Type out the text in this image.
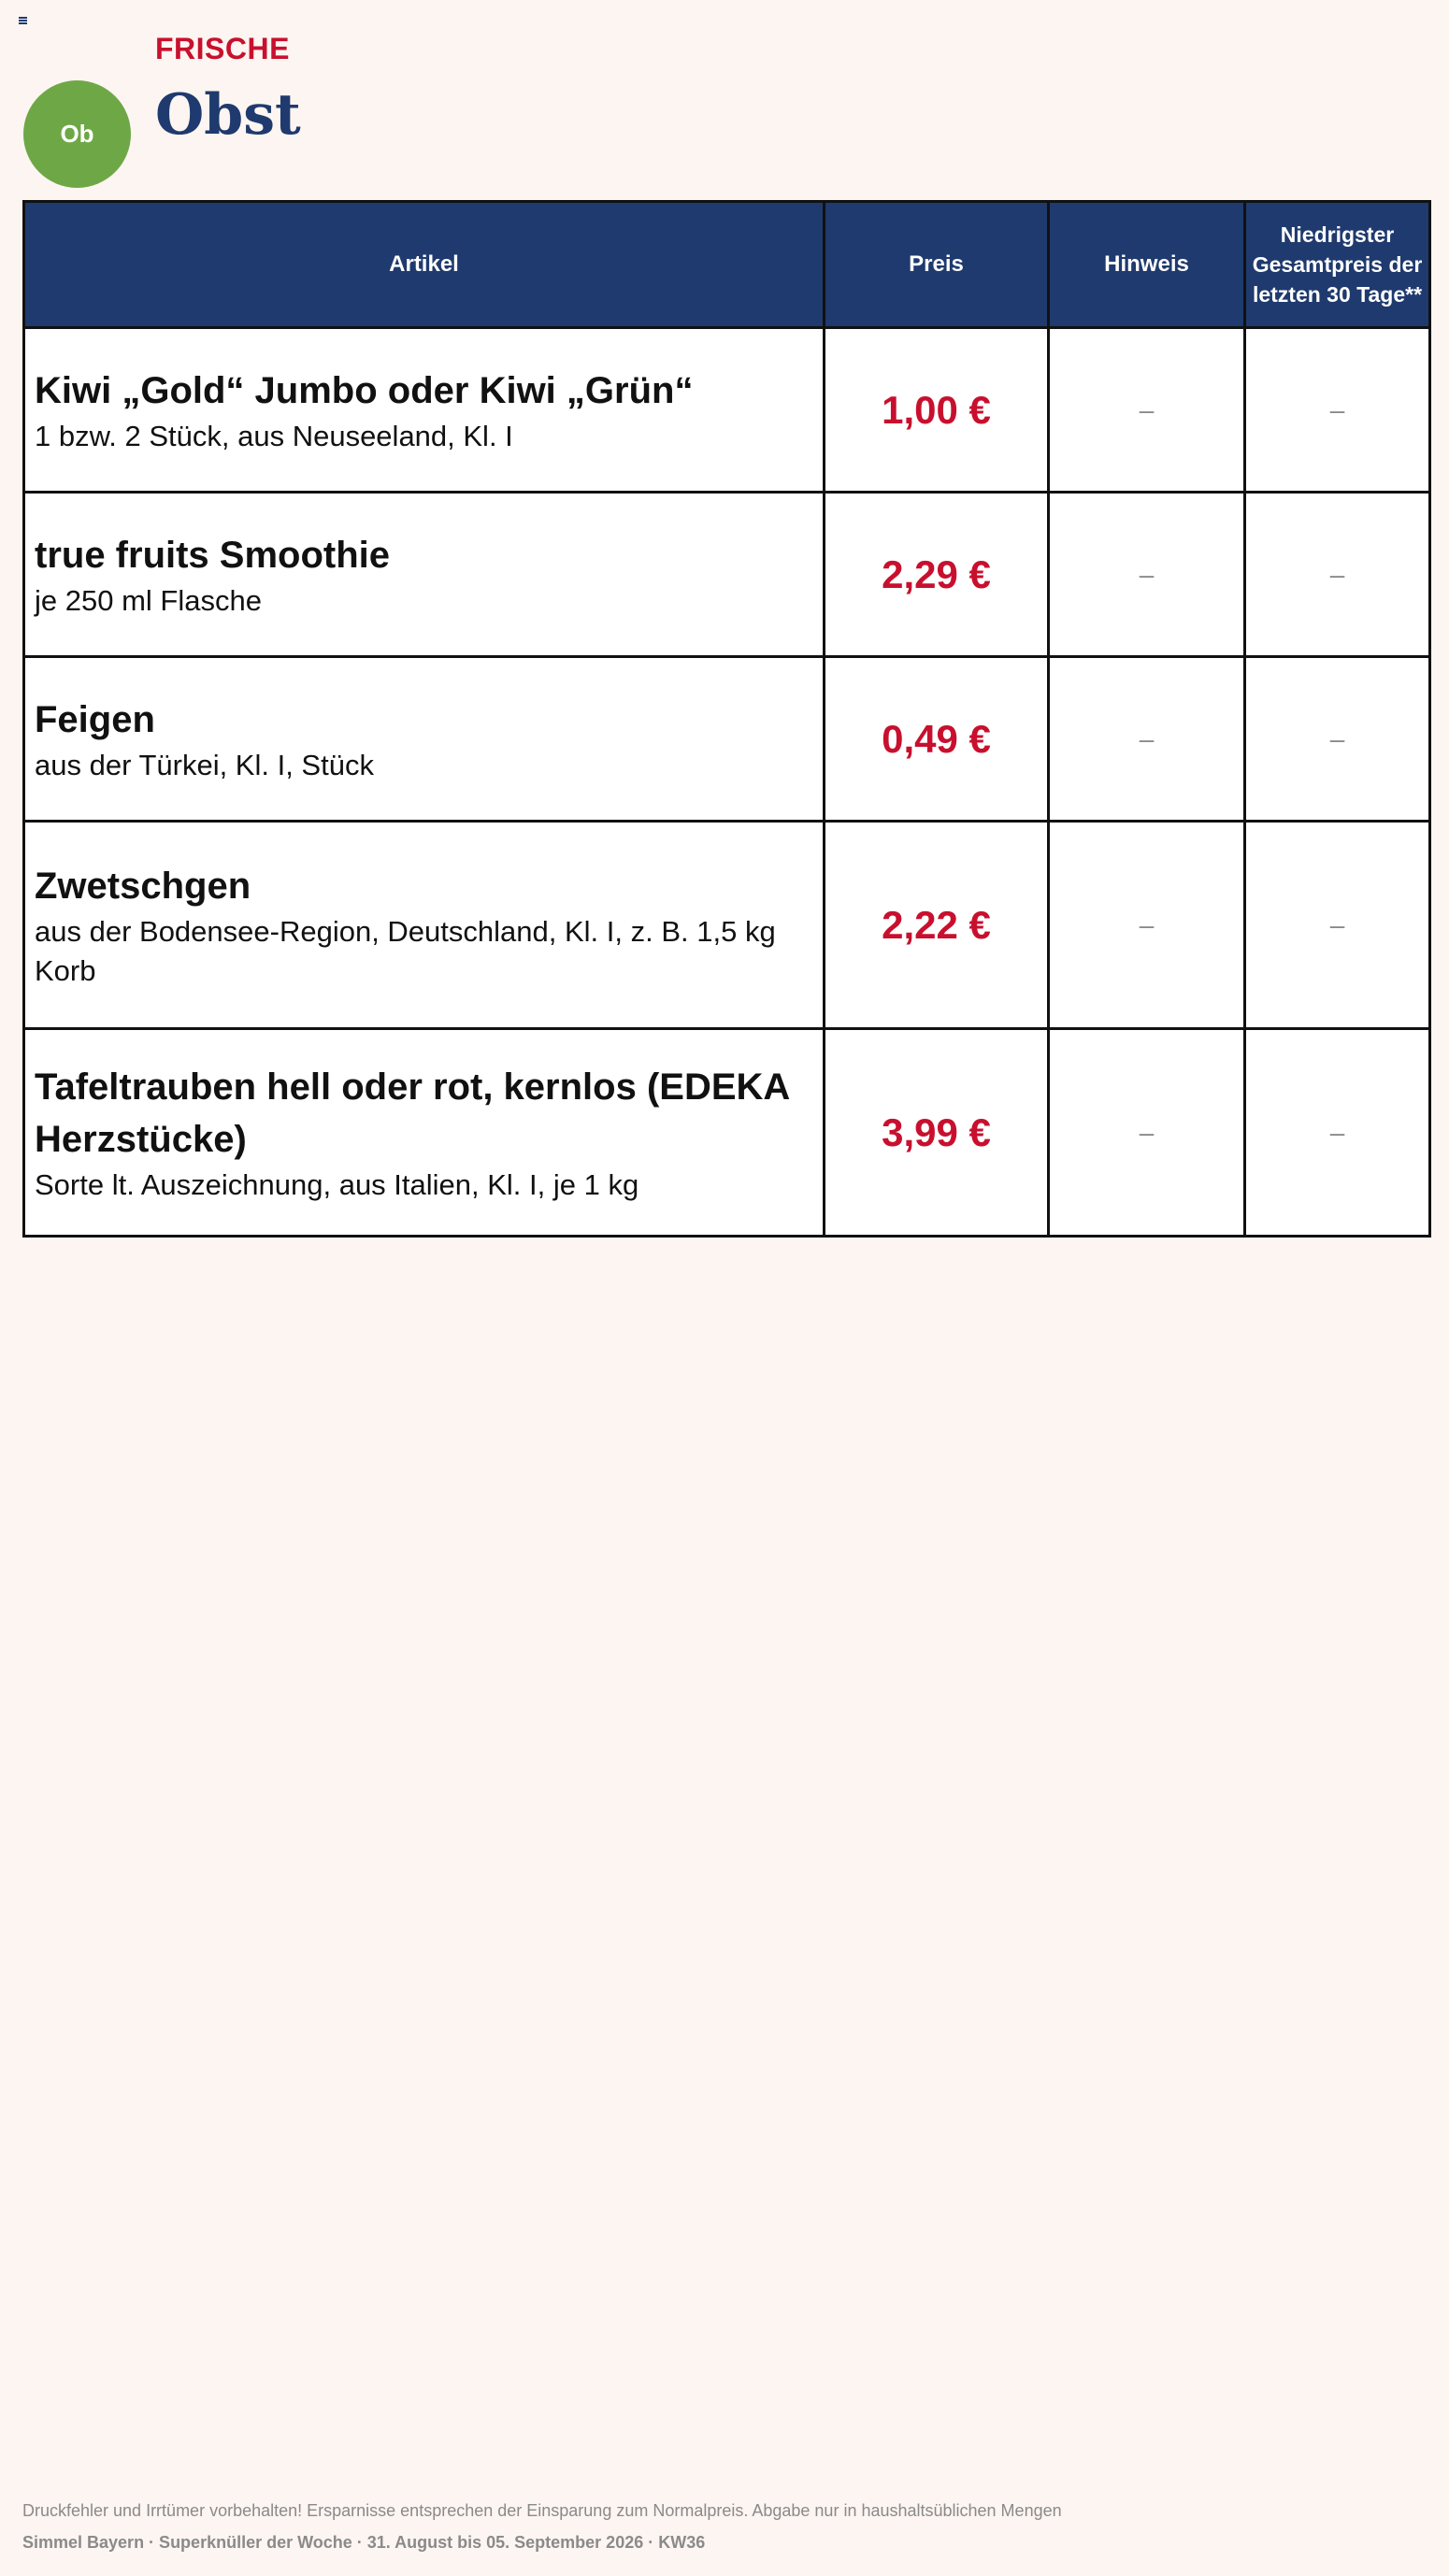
Ob
FRISCHE
Obst
Artikel	Preis	Hinweis	Niedrigster Gesamtpreis der letzten 30 Tage**

Kiwi „Gold“ Jumbo oder Kiwi „Grün“
1 bzw. 2 Stück, aus Neuseeland, Kl. I	1,00 €	–	–

true fruits Smoothie
je 250 ml Flasche	2,29 €	–	–

Feigen
aus der Türkei, Kl. I, Stück	0,49 €	–	–

Zwetschgen
aus der Bodensee-Region, Deutschland, Kl. I, z. B. 1,5 kg Korb	2,22 €	–	–

Tafeltrauben hell oder rot, kernlos (EDEKA Herzstücke)
Sorte lt. Auszeichnung, aus Italien, Kl. I, je 1 kg	3,99 €	–	–
Druckfehler und Irrtümer vorbehalten! Ersparnisse entsprechen der Einsparung zum Normalpreis. Abgabe nur in haushaltsüblichen Mengen
Simmel Bayern · Superknüller der Woche · 31. August bis 05. September 2026 · KW36
